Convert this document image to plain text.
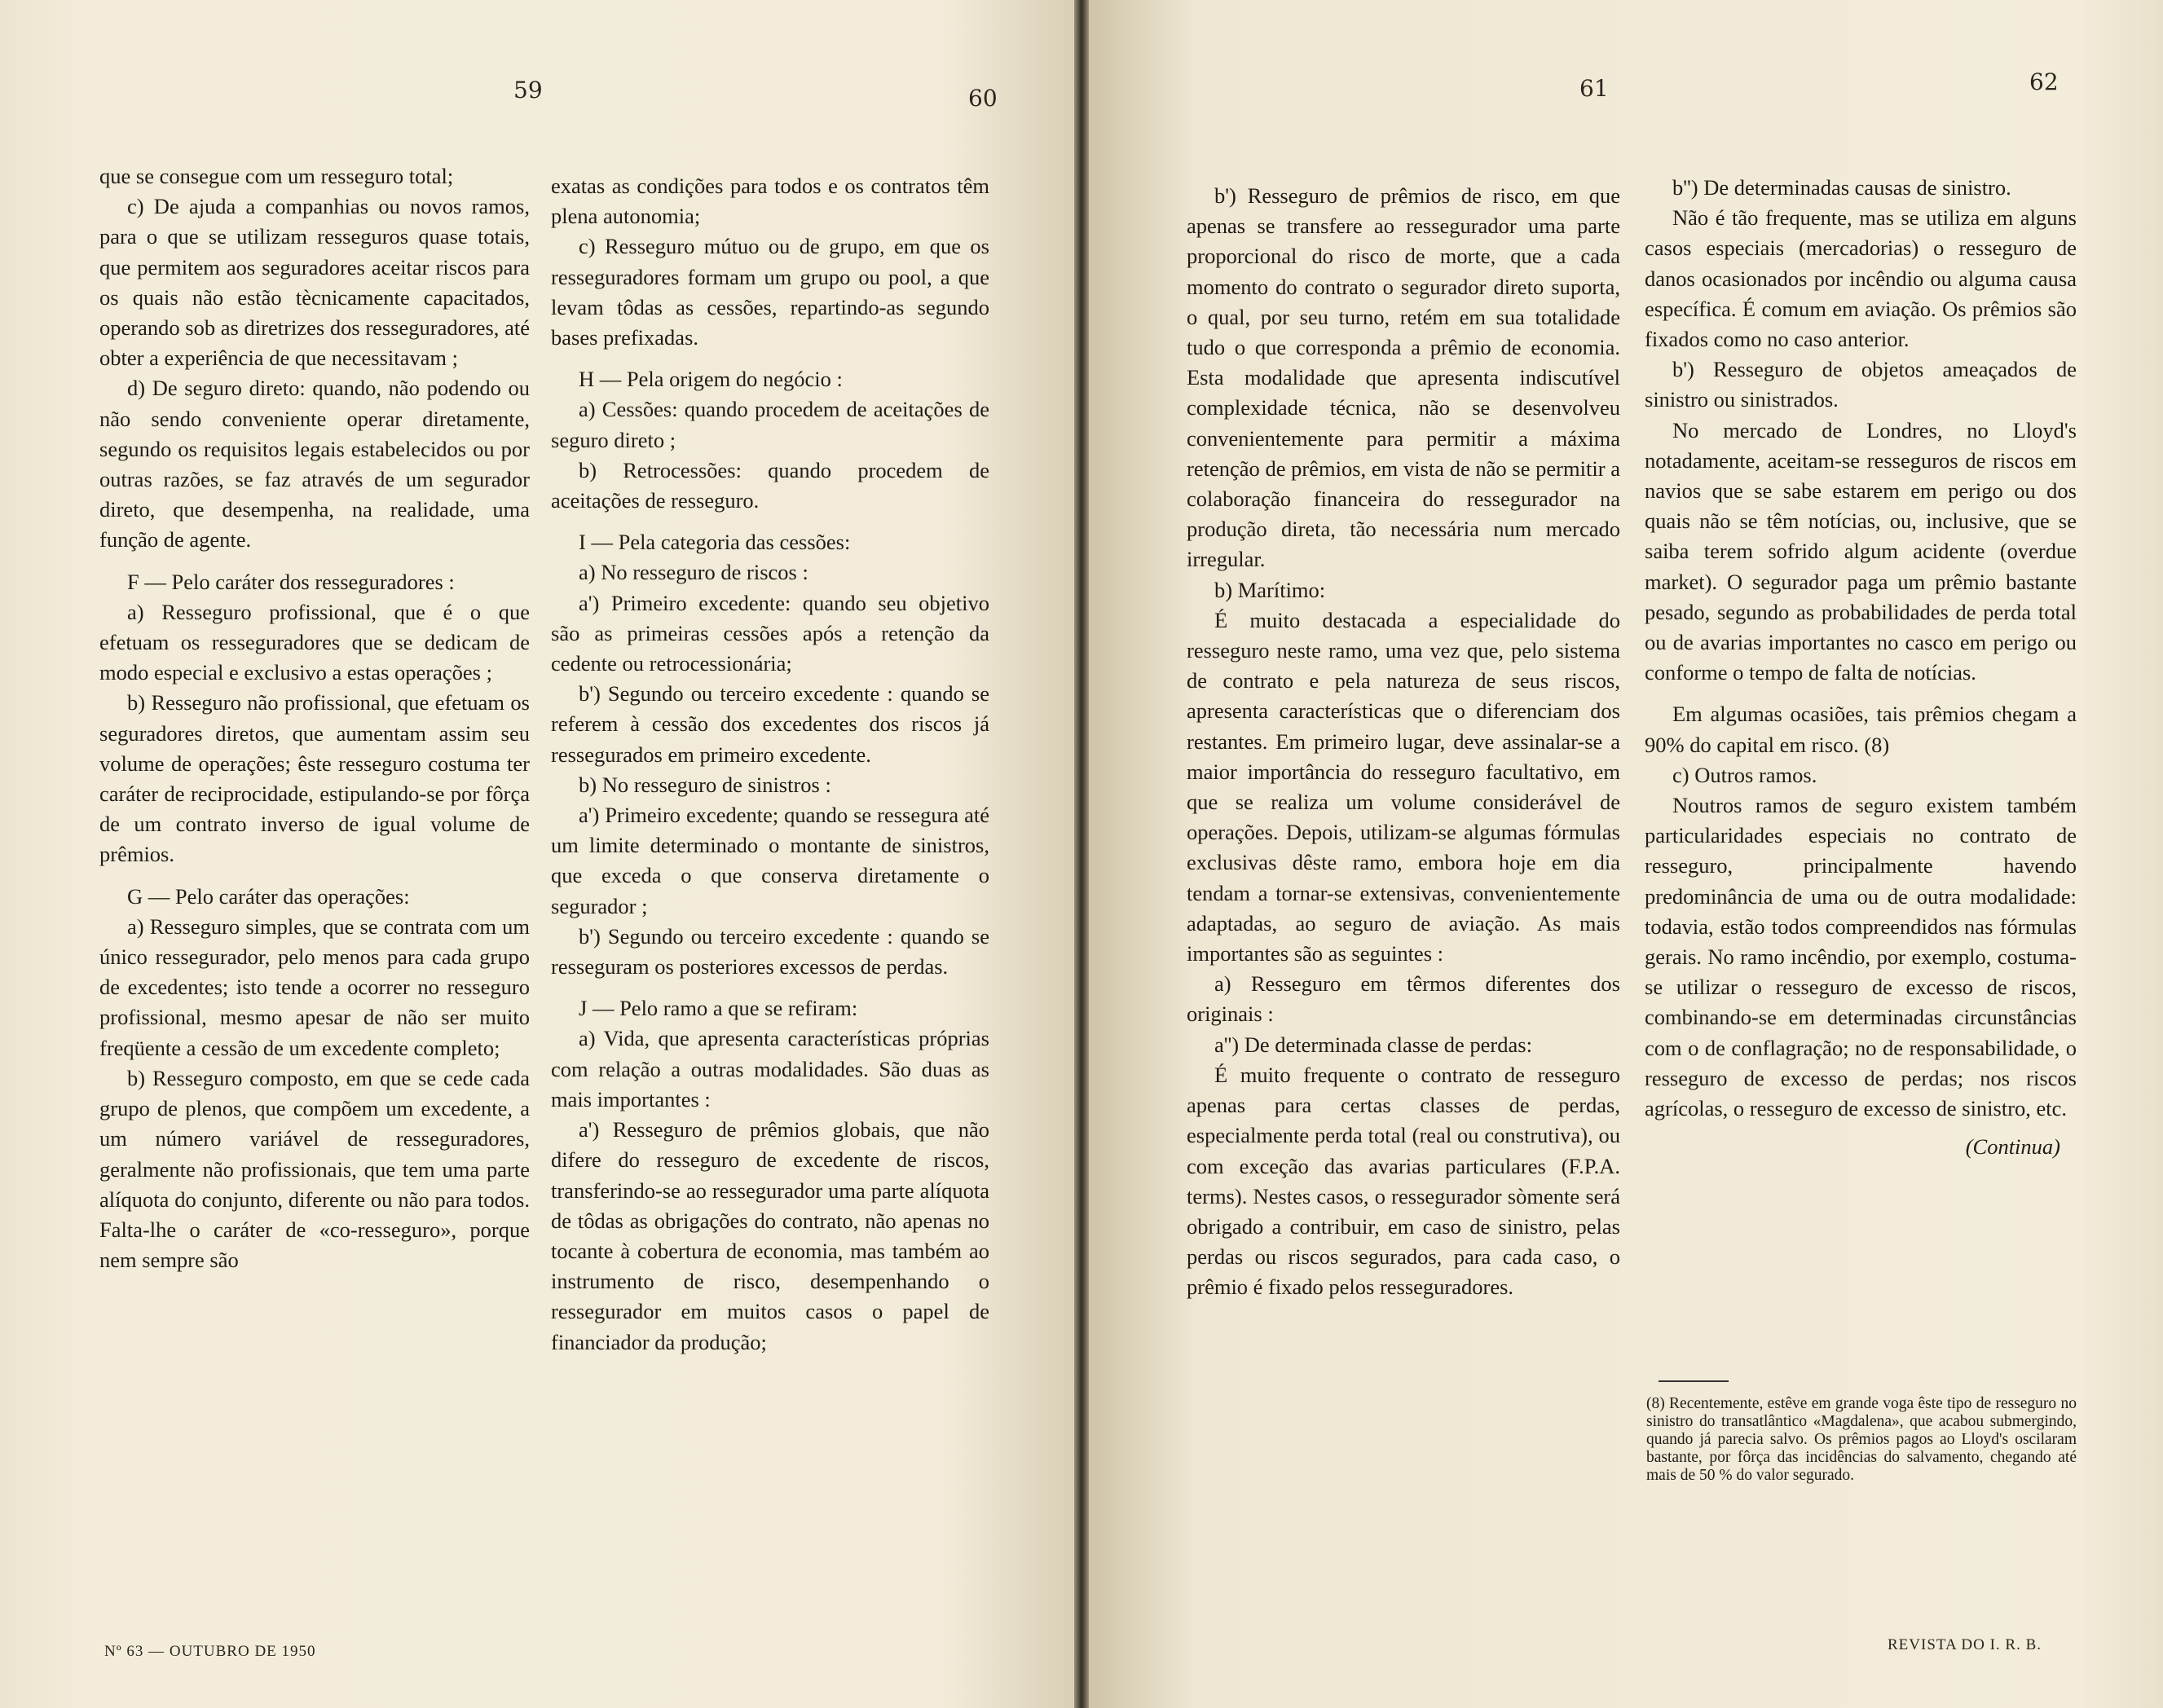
59	60	61	62

que se consegue com um resseguro total;

c) De ajuda a companhias ou novos ramos, para o que se utilizam resseguros quase totais, que permitem aos seguradores aceitar riscos para os quais não estão tècnicamente capacitados, operando sob as diretrizes dos resseguradores, até obter a experiência de que necessitavam ;

d) De seguro direto: quando, não podendo ou não sendo conveniente operar diretamente, segundo os requisitos legais estabelecidos ou por outras razões, se faz através de um segurador direto, que desempenha, na realidade, uma função de agente.

F — Pelo caráter dos resseguradores :

a) Resseguro profissional, que é o que efetuam os resseguradores que se dedicam de modo especial e exclusivo a estas operações ;

b) Resseguro não profissional, que efetuam os seguradores diretos, que aumentam assim seu volume de operações; êste resseguro costuma ter caráter de reciprocidade, estipulando-se por fôrça de um contrato inverso de igual volume de prêmios.

G — Pelo caráter das operações:

a) Resseguro simples, que se contrata com um único ressegurador, pelo menos para cada grupo de excedentes; isto tende a ocorrer no resseguro profissional, mesmo apesar de não ser muito freqüente a cessão de um excedente completo;

b) Resseguro composto, em que se cede cada grupo de plenos, que compõem um excedente, a um número variável de resseguradores, geralmente não profissionais, que tem uma parte alíquota do conjunto, diferente ou não para todos. Falta-lhe o caráter de «co-resseguro», porque nem sempre são

exatas as condições para todos e os contratos têm plena autonomia;

c) Resseguro mútuo ou de grupo, em que os resseguradores formam um grupo ou pool, a que levam tôdas as cessões, repartindo-as segundo bases prefixadas.

H — Pela origem do negócio :

a) Cessões: quando procedem de aceitações de seguro direto ;

b) Retrocessões: quando procedem de aceitações de resseguro.

I — Pela categoria das cessões:

a) No resseguro de riscos :

a') Primeiro excedente: quando seu objetivo são as primeiras cessões após a retenção da cedente ou retrocessionária;

b') Segundo ou terceiro excedente : quando se referem à cessão dos excedentes dos riscos já ressegurados em primeiro excedente.

b) No resseguro de sinistros :

a') Primeiro excedente; quando se ressegura até um limite determinado o montante de sinistros, que exceda o que conserva diretamente o segurador ;

b') Segundo ou terceiro excedente : quando se resseguram os posteriores excessos de perdas.

J — Pelo ramo a que se refiram:

a) Vida, que apresenta características próprias com relação a outras modalidades. São duas as mais importantes :

a') Resseguro de prêmios globais, que não difere do resseguro de excedente de riscos, transferindo-se ao ressegurador uma parte alíquota de tôdas as obrigações do contrato, não apenas no tocante à cobertura de economia, mas também ao instrumento de risco, desempenhando o ressegurador em muitos casos o papel de financiador da produção;

b') Resseguro de prêmios de risco, em que apenas se transfere ao ressegurador uma parte proporcional do risco de morte, que a cada momento do contrato o segurador direto suporta, o qual, por seu turno, retém em sua totalidade tudo o que corresponda a prêmio de economia. Esta modalidade que apresenta indiscutível complexidade técnica, não se desenvolveu convenientemente para permitir a máxima retenção de prêmios, em vista de não se permitir a colaboração financeira do ressegurador na produção direta, tão necessária num mercado irregular.

b) Marítimo:

É muito destacada a especialidade do resseguro neste ramo, uma vez que, pelo sistema de contrato e pela natureza de seus riscos, apresenta características que o diferenciam dos restantes. Em primeiro lugar, deve assinalar-se a maior importância do resseguro facultativo, em que se realiza um volume considerável de operações. Depois, utilizam-se algumas fórmulas exclusivas dêste ramo, embora hoje em dia tendam a tornar-se extensivas, convenientemente adaptadas, ao seguro de aviação. As mais importantes são as seguintes :

a) Resseguro em têrmos diferentes dos originais :

a'') De determinada classe de perdas:

É muito frequente o contrato de resseguro apenas para certas classes de perdas, especialmente perda total (real ou construtiva), ou com exceção das avarias particulares (F.P.A. terms). Nestes casos, o ressegurador sòmente será obrigado a contribuir, em caso de sinistro, pelas perdas ou riscos segurados, para cada caso, o prêmio é fixado pelos resseguradores.

b'') De determinadas causas de sinistro.

Não é tão frequente, mas se utiliza em alguns casos especiais (mercadorias) o resseguro de danos ocasionados por incêndio ou alguma causa específica. É comum em aviação. Os prêmios são fixados como no caso anterior.

b') Resseguro de objetos ameaçados de sinistro ou sinistrados.

No mercado de Londres, no Lloyd's notadamente, aceitam-se resseguros de riscos em navios que se sabe estarem em perigo ou dos quais não se têm notícias, ou, inclusive, que se saiba terem sofrido algum acidente (overdue market). O segurador paga um prêmio bastante pesado, segundo as probabilidades de perda total ou de avarias importantes no casco em perigo ou conforme o tempo de falta de notícias.

Em algumas ocasiões, tais prêmios chegam a 90% do capital em risco. (8)

c) Outros ramos.

Noutros ramos de seguro existem também particularidades especiais no contrato de resseguro, principalmente havendo predominância de uma ou de outra modalidade: todavia, estão todos compreendidos nas fórmulas gerais. No ramo incêndio, por exemplo, costuma-se utilizar o resseguro de excesso de riscos, combinando-se em determinadas circunstâncias com o de conflagração; no de responsabilidade, o resseguro de excesso de perdas; nos riscos agrícolas, o resseguro de excesso de sinistro, etc.

(Continua)

(8) Recentemente, estêve em grande voga êste tipo de resseguro no sinistro do transatlântico «Magdalena», que acabou submergindo, quando já parecia salvo. Os prêmios pagos ao Lloyd's oscilaram bastante, por fôrça das incidências do salvamento, chegando até mais de 50 % do valor segurado.
Nº 63 — OUTUBRO DE 1950	REVISTA DO I. R. B.
